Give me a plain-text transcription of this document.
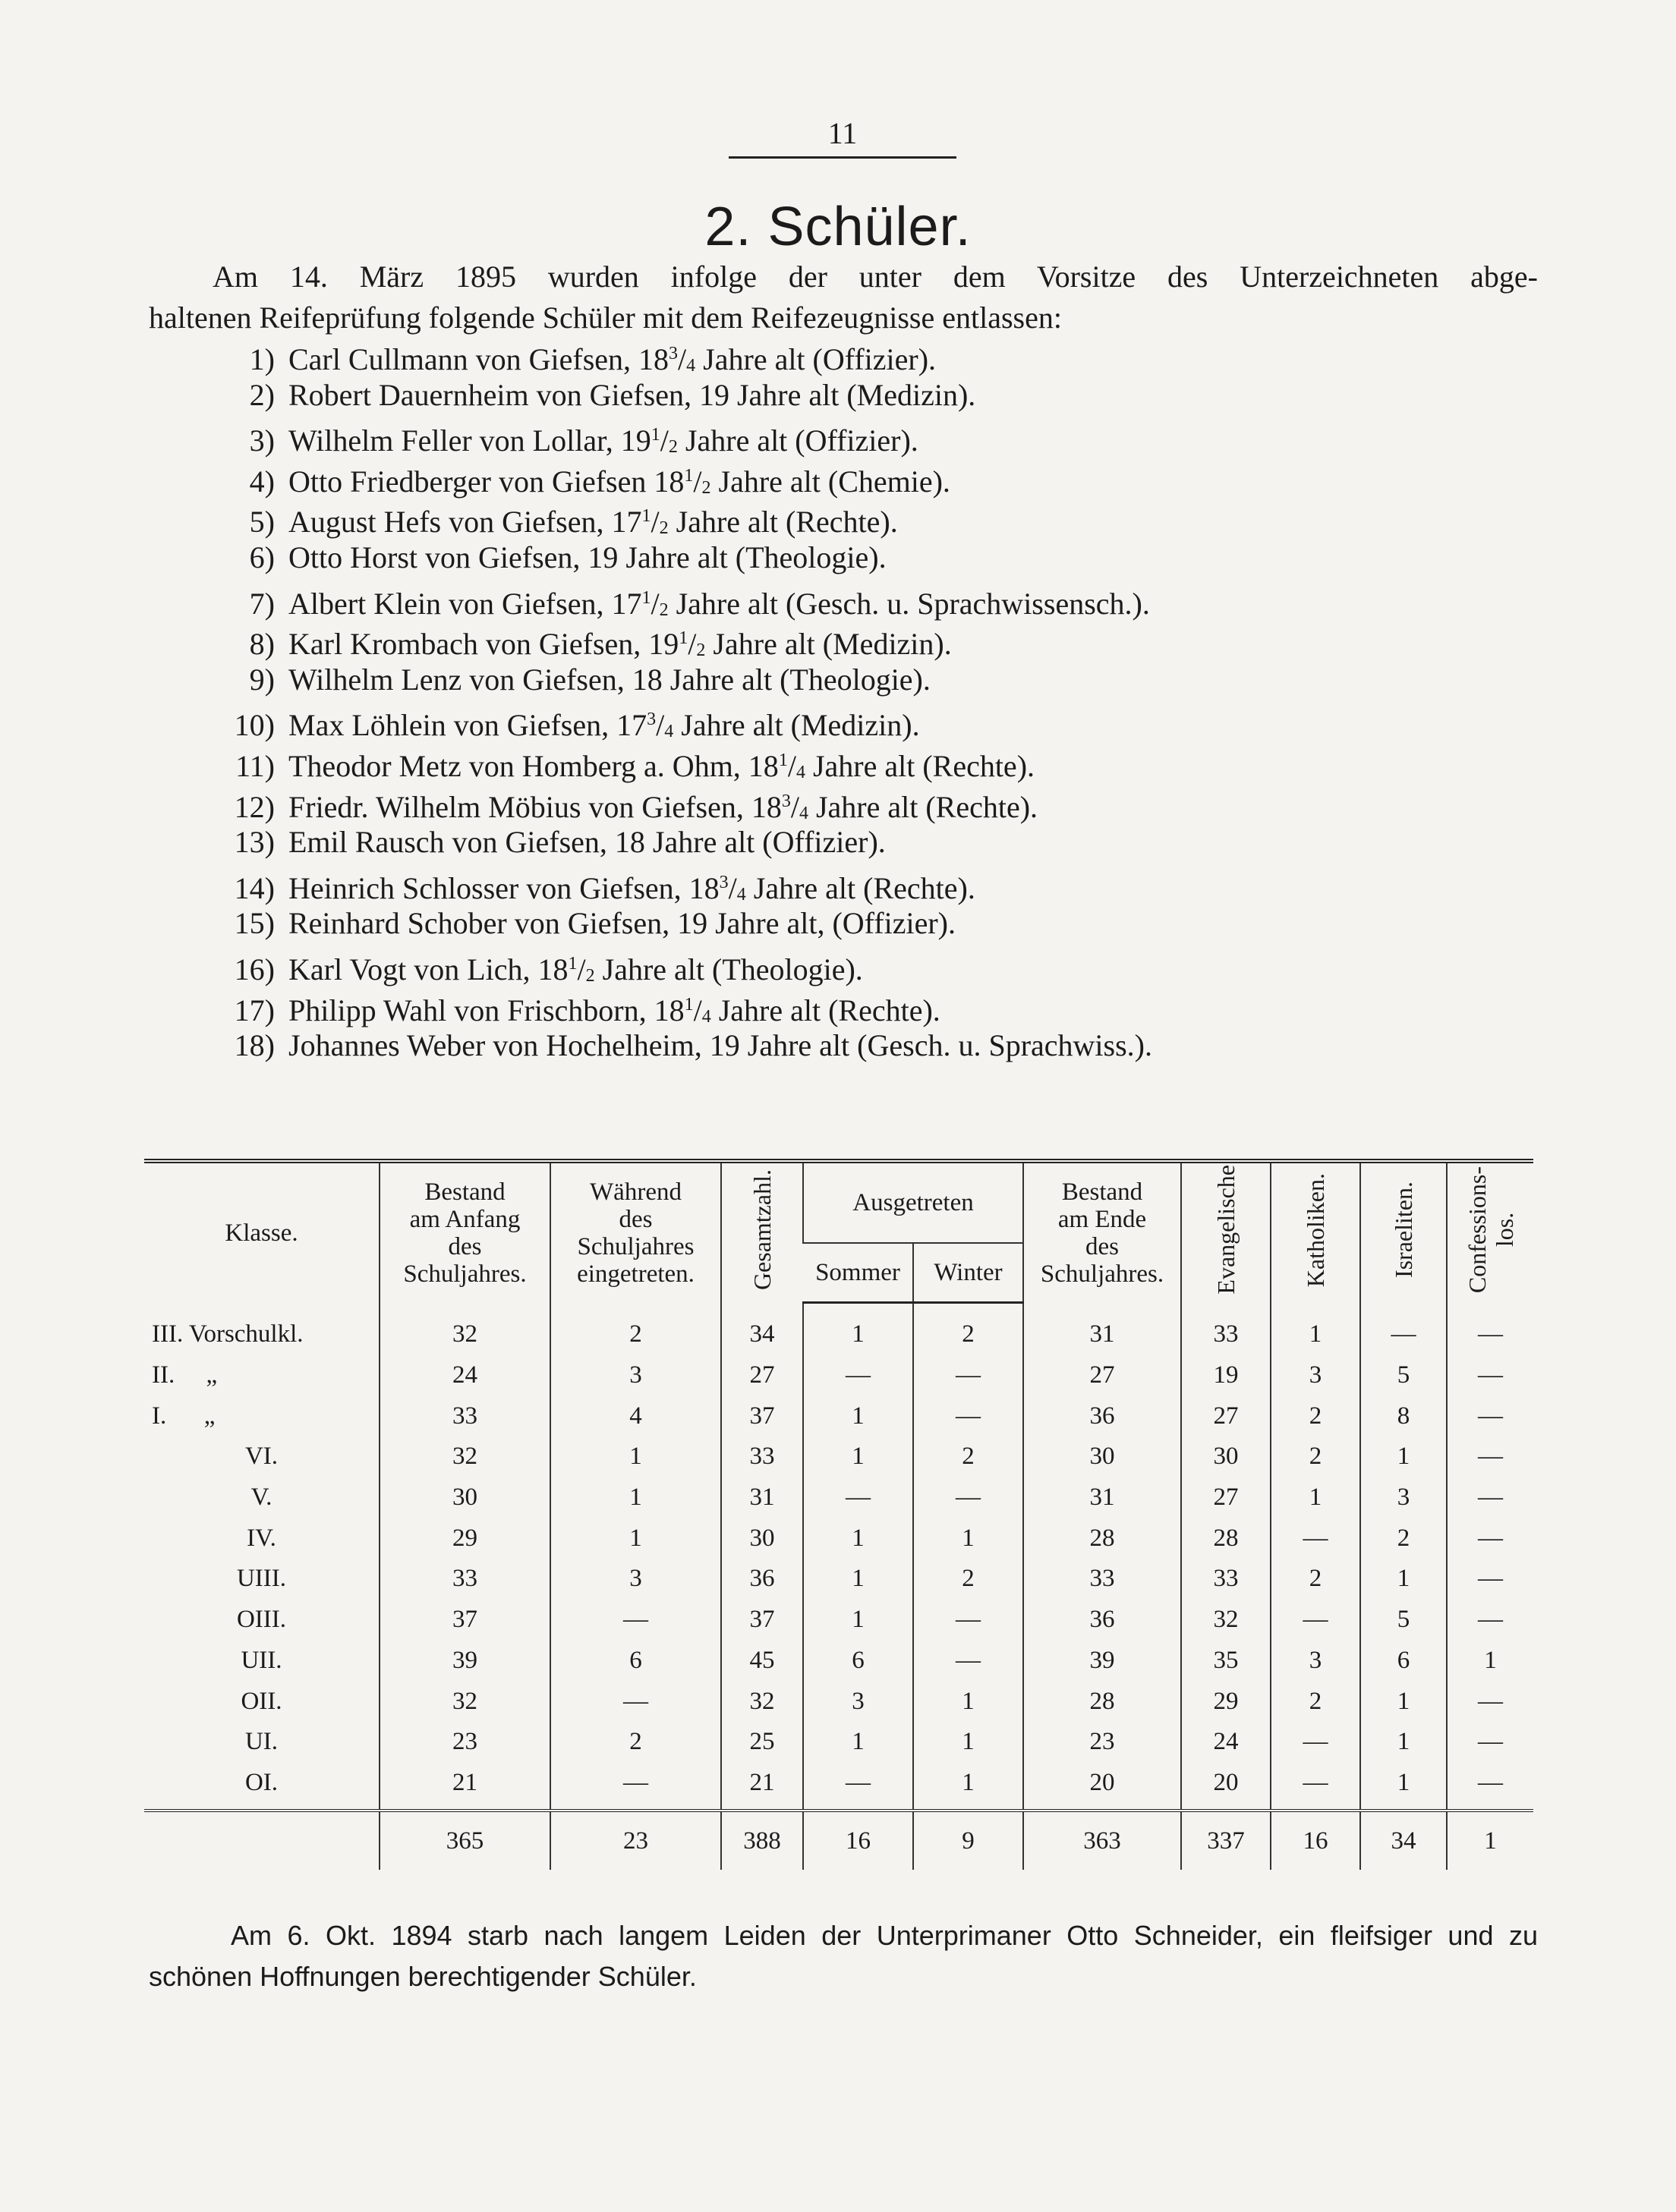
11
2. Schüler.
Am 14. März 1895 wurden infolge der unter dem Vorsitze des Unterzeichneten abge-
haltenen Reifeprüfung folgende Schüler mit dem Reifezeugnisse entlassen:
1) Carl Cullmann von Giefsen, $18^3/_4$ Jahre alt (Offizier).
2) Robert Dauernheim von Giefsen, 19 Jahre alt (Medizin).
3) Wilhelm Feller von Lollar, $19^1/_2$ Jahre alt (Offizier).
4) Otto Friedberger von Giefsen $18^1/_2$ Jahre alt (Chemie).
5) August Hefs von Giefsen, $17^1/_2$ Jahre alt (Rechte).
6) Otto Horst von Giefsen, 19 Jahre alt (Theologie).
7) Albert Klein von Giefsen, $17^1/_2$ Jahre alt (Gesch. u. Sprachwissensch.).
8) Karl Krombach von Giefsen, $19^1/_2$ Jahre alt (Medizin).
9) Wilhelm Lenz von Giefsen, 18 Jahre alt (Theologie).
10) Max Löhlein von Giefsen, $17^3/_4$ Jahre alt (Medizin).
11) Theodor Metz von Homberg a. Ohm, $18^1/_4$ Jahre alt (Rechte).
12) Friedr. Wilhelm Möbius von Giefsen, $18^3/_4$ Jahre alt (Rechte).
13) Emil Rausch von Giefsen, 18 Jahre alt (Offizier).
14) Heinrich Schlosser von Giefsen, $18^3/_4$ Jahre alt (Rechte).
15) Reinhard Schober von Giefsen, 19 Jahre alt, (Offizier).
16) Karl Vogt von Lich, $18^1/_2$ Jahre alt (Theologie).
17) Philipp Wahl von Frischborn, $18^1/_4$ Jahre alt (Rechte).
18) Johannes Weber von Hochelheim, 19 Jahre alt (Gesch. u. Sprachwiss.).
Klasse.	Bestand
am Anfang
des
Schuljahres.	Während
des
Schuljahres
eingetreten.	Gesamtzahl.	Ausgetreten		Bestand
am Ende
des
Schuljahres.	Evangelische	Katholiken.	Israeliten.	Confessions-
los.
				Sommer	Winter					
III. Vorschulkl.	32	2	34	1	2	31	33	1	—	—
II.     „	24	3	27	—	—	27	19	3	5	—
I.      „	33	4	37	1	—	36	27	2	8	—
VI.	32	1	33	1	2	30	30	2	1	—
V.	30	1	31	—	—	31	27	1	3	—
IV.	29	1	30	1	1	28	28	—	2	—
UIII.	33	3	36	1	2	33	33	2	1	—
OIII.	37	—	37	1	—	36	32	—	5	—
UII.	39	6	45	6	—	39	35	3	6	1
OII.	32	—	32	3	1	28	29	2	1	—
UI.	23	2	25	1	1	23	24	—	1	—
OI.	21	—	21	—	1	20	20	—	1	—
	365	23	388	16	9	363	337	16	34	1
Am 6. Okt. 1894 starb nach langem Leiden der Unterprimaner Otto Schneider, ein fleifsiger und zu
schönen Hoffnungen berechtigender Schüler.
